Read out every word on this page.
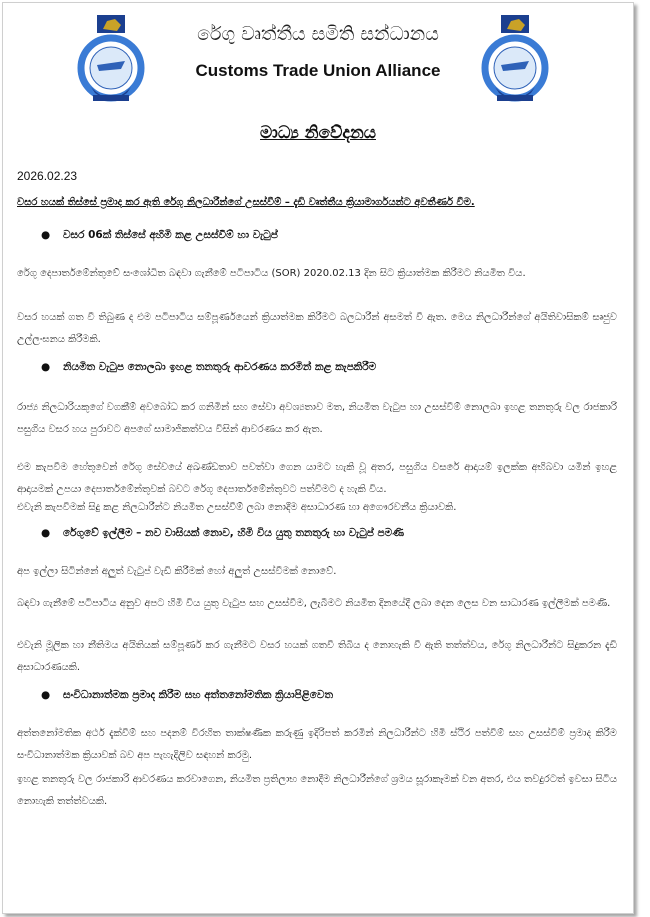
රේගු වෘත්තීය සමිති සන්ධානය
Customs Trade Union Alliance
මාධ්‍ය නිවේදනය
2026.02.23
වසර හයක් තිස්සේ ප්‍රමාද කර ඇති රේගු නිලධාරීන්ගේ උසස්වීම් – දැඩි වෘත්තීය ක්‍රියාමාර්ගයන්ට අවතීර්ණ වීම.
● වසර 06ක් තිස්සේ අහිමි කළ උසස්වීම් හා වැටුප්
රේගු දෙපාර්තමේන්තුවේ සංශෝධිත බඳවා ගැනීමේ පටිපාටිය (SOR) 2020.02.13 දින සිට ක්‍රියාත්මක කිරීමට නියමිත විය.
වසර හයක් ගත වී තිබුණ ද එම පටිපාටිය සම්පූර්ණයෙන් ක්‍රියාත්මක කිරීමට බලධාරීන් අසමත් වී ඇත. මෙය නිලධාරීන්ගේ අයිතිවාසිකම් සෘජුව උල්ලංඝනය කිරීමකි.
● නියමිත වැටුප නොලබා ඉහළ තනතුරු ආවරණය කරමින් කළ කැපකිරීම
රාජ්‍ය නිලධාරියකුගේ වගකීම් අවබෝධ කර ගනිමින් සහ සේවා අවශ්‍යතාව මත, නියමිත වැටුප හා උසස්වීම් නොලබා ඉහළ තනතුරු වල රාජකාරි පසුගිය වසර හය පුරාවට අපගේ සාමාජිකත්වය විසින් ආවරණය කර ඇත.
එම කැපවීම හේතුවෙන් රේගු සේවයේ අඛණ්ඩතාව පවත්වා ගෙන යාමට හැකි වූ අතර, පසුගිය වසරේ ආදායම් ඉලක්ක අභිබවා යමින් ඉහළ ආදායමක් උපයා දෙපාර්තමේන්තුවක් බවට රේගු දෙපාර්තමේන්තුවට පත්වීමට ද හැකි විය.
එවැනි කැපවීමක් සිදු කළ නිලධාරීන්ට නියමිත උසස්වීම් ලබා නොදීම අසාධාරණ හා අගෞරවනීය ක්‍රියාවකි.
● රේගුවේ ඉල්ලීම – නව වාසියක් නොව, හිමි විය යුතු තනතුරු හා වැටුප් පමණි
අප ඉල්ලා සිටින්නේ අලුත් වැටුප් වැඩි කිරීමක් හෝ අලුත් උසස්වීමක් නොවේ.
බඳවා ගැනීමේ පටිපාටිය අනුව අපට හිමි විය යුතු වැටුප සහ උසස්වීම, ලැබීමට නියමිත දිනයේදී ලබා දෙන ලෙස වන සාධාරණ ඉල්ලීමක් පමණි.
එවැනි මූලික හා නීතිමය අයිතියක් සම්පූර්ණ කර ගැනීමට වසර හයක් ගතවී තිබිය ද නොහැකි වී ඇති තත්ත්වය, රේගු නිලධාරීන්ට සිදුකරන දැඩි අසාධාරණයකි.
● සංවිධානාත්මක ප්‍රමාද කිරීම සහ අත්තනෝමතික ක්‍රියාපිළිවෙත
අත්තනෝමතික අර්ථ දැක්වීම් සහ පදනම් විරහිත තාක්ෂණික කරුණු ඉදිරිපත් කරමින් නිලධාරීන්ට හිමි ස්ථිර පත්වීම් සහ උසස්වීම් ප්‍රමාද කිරීම සංවිධානාත්මක ක්‍රියාවක් බව අප පැහැදිලිව සඳහන් කරමු.
ඉහළ තනතුරු වල රාජකාරි ආවරණය කරවාගෙන, නියමිත ප්‍රතිලාභ නොදීම නිලධාරීන්ගේ ශ්‍රමය සූරාකෑමක් වන අතර, එය තවදුරටත් ඉවසා සිටිය නොහැකි තත්ත්වයකි.
